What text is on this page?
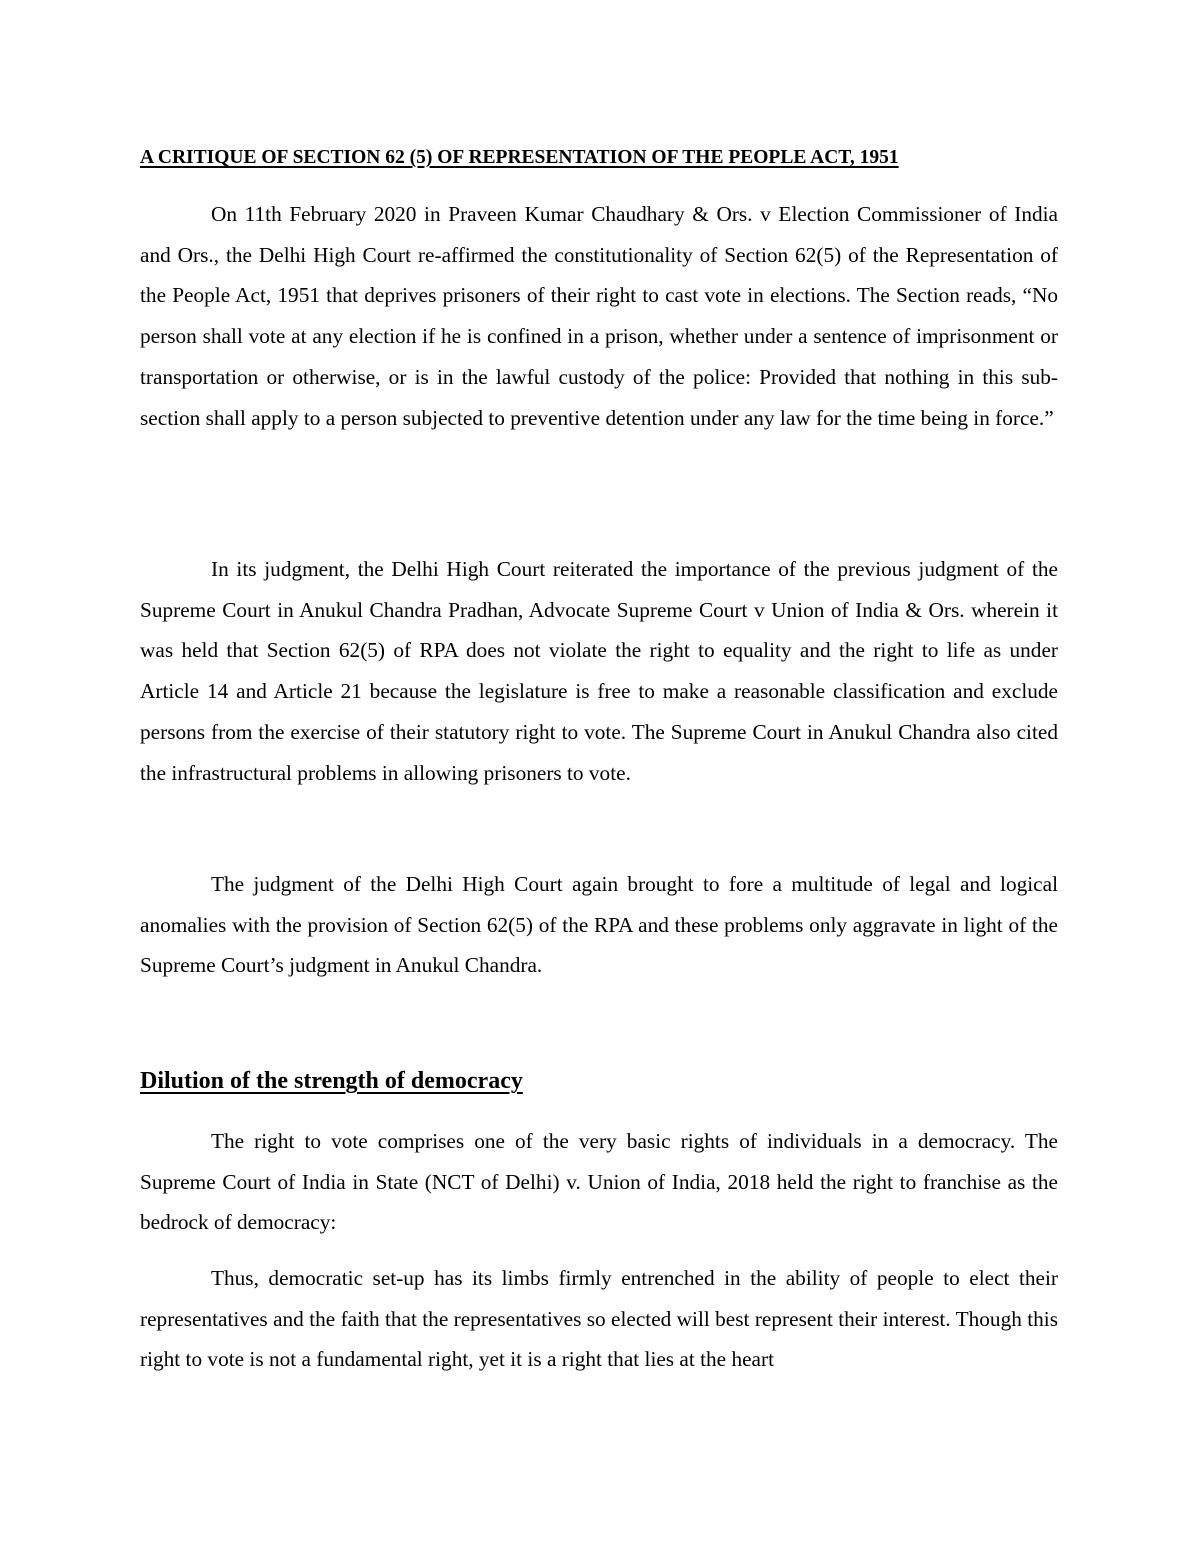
A CRITIQUE OF SECTION 62 (5) OF REPRESENTATION OF THE PEOPLE ACT, 1951

On 11th February 2020 in Praveen Kumar Chaudhary & Ors. v Election Commissioner of India and Ors., the Delhi High Court re-affirmed the constitutionality of Section 62(5) of the Representation of the People Act, 1951 that deprives prisoners of their right to cast vote in elections. The Section reads, “No person shall vote at any election if he is confined in a prison, whether under a sentence of imprisonment or transportation or otherwise, or is in the lawful custody of the police: Provided that nothing in this sub-section shall apply to a person subjected to preventive detention under any law for the time being in force.”

In its judgment, the Delhi High Court reiterated the importance of the previous judgment of the Supreme Court in Anukul Chandra Pradhan, Advocate Supreme Court v Union of India & Ors. wherein it was held that Section 62(5) of RPA does not violate the right to equality and the right to life as under Article 14 and Article 21 because the legislature is free to make a reasonable classification and exclude persons from the exercise of their statutory right to vote. The Supreme Court in Anukul Chandra also cited the infrastructural problems in allowing prisoners to vote.

The judgment of the Delhi High Court again brought to fore a multitude of legal and logical anomalies with the provision of Section 62(5) of the RPA and these problems only aggravate in light of the Supreme Court’s judgment in Anukul Chandra.

Dilution of the strength of democracy

The right to vote comprises one of the very basic rights of individuals in a democracy. The Supreme Court of India in State (NCT of Delhi) v. Union of India, 2018 held the right to franchise as the bedrock of democracy:

Thus, democratic set-up has its limbs firmly entrenched in the ability of people to elect their representatives and the faith that the representatives so elected will best represent their interest. Though this right to vote is not a fundamental right, yet it is a right that lies at the heart
